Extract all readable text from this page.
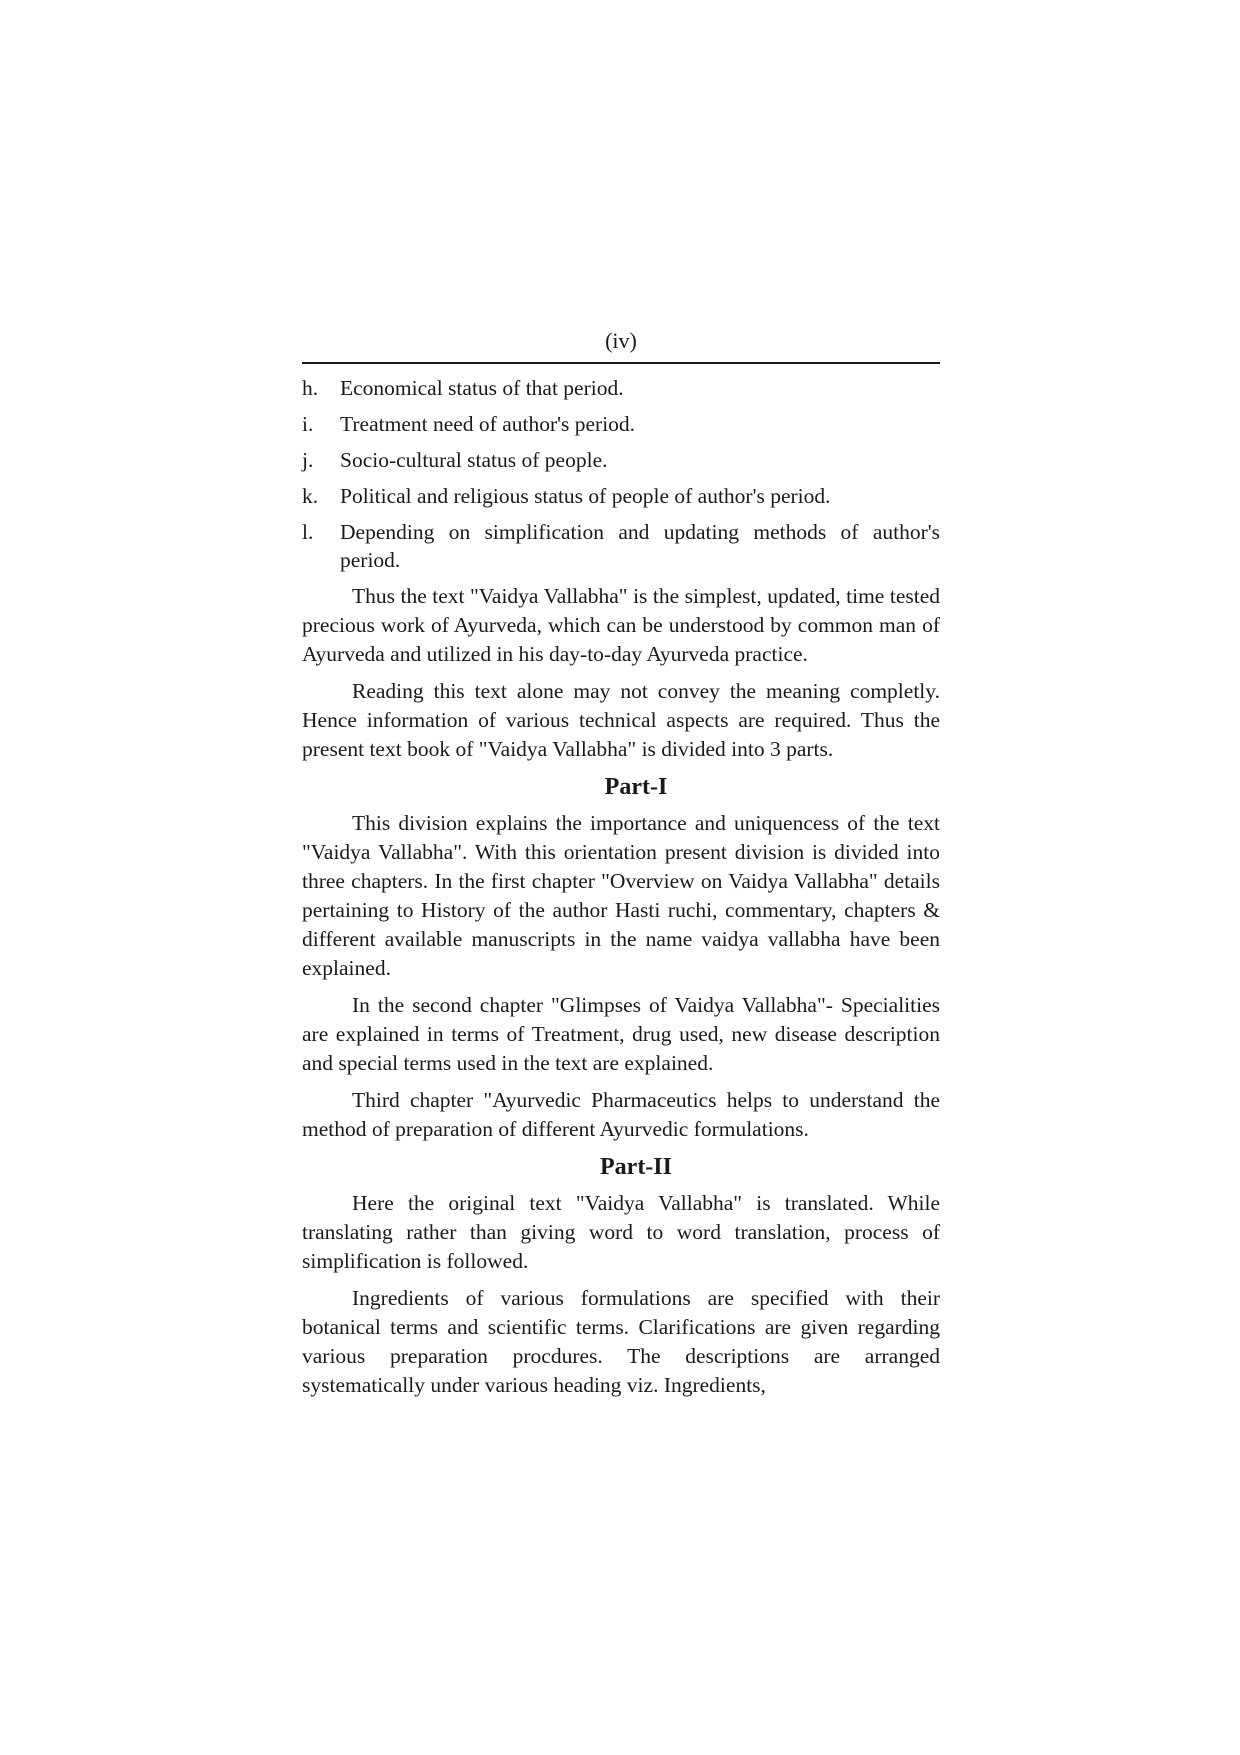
(iv)
h.	Economical status of that period.
i.	Treatment need of author's period.
j.	Socio-cultural status of people.
k.	Political and religious status of people of author's period.
l.	Depending on simplification and updating methods of author's period.

Thus the text "Vaidya Vallabha" is the simplest, updated, time tested precious work of Ayurveda, which can be understood by common man of Ayurveda and utilized in his day-to-day Ayurveda practice.

Reading this text alone may not convey the meaning completly. Hence information of various technical aspects are required. Thus the present text book of "Vaidya Vallabha" is divided into 3 parts.

Part-I

This division explains the importance and uniquencess of the text "Vaidya Vallabha". With this orientation present division is divided into three chapters. In the first chapter "Overview on Vaidya Vallabha" details pertaining to History of the author Hasti ruchi, commentary, chapters & different available manuscripts in the name vaidya vallabha have been explained.

In the second chapter "Glimpses of Vaidya Vallabha"- Specialities are explained in terms of Treatment, drug used, new disease description and special terms used in the text are explained.

Third chapter "Ayurvedic Pharmaceutics helps to understand the method of preparation of different Ayurvedic formulations.

Part-II

Here the original text "Vaidya Vallabha" is translated. While translating rather than giving word to word translation, process of simplification is followed.

Ingredients of various formulations are specified with their botanical terms and scientific terms. Clarifications are given regarding various preparation procdures. The descriptions are arranged systematically under various heading viz. Ingredients,
